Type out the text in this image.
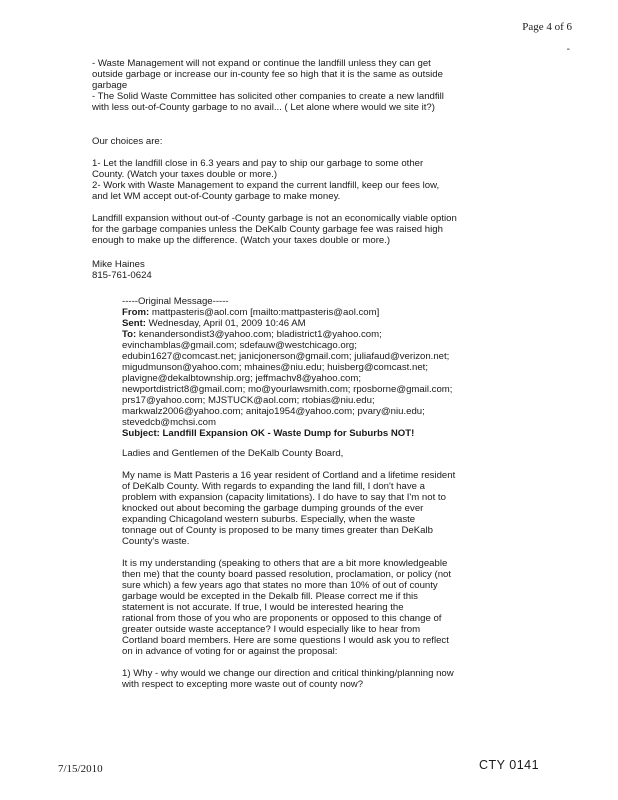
Page 4 of 6
-
- Waste Management will not expand or continue the landfill unless they can get
outside garbage or increase our in-county fee so high that it is the same as outside
garbage
- The Solid Waste Committee has solicited other companies to create a new landfill
with less out-of-County garbage to no avail... ( Let alone where would we site it?)
Our choices are:
1- Let the landfill close in 6.3 years and pay to ship our garbage to some other
County. (Watch your taxes double or more.)
2- Work with Waste Management to expand the current landfill, keep our fees low,
and let WM accept out-of-County garbage to make money.
Landfill expansion without out-of -County garbage is not an economically viable option
for the garbage companies unless the DeKalb County garbage fee was raised high
enough to make up the difference. (Watch your taxes double or more.)
Mike Haines
815-761-0624
-----Original Message-----
From: mattpasteris@aol.com [mailto:mattpasteris@aol.com]
Sent: Wednesday, April 01, 2009 10:46 AM
To: kenandersondist3@yahoo.com; bladistrict1@yahoo.com;
evinchamblas@gmail.com; sdefauw@westchicago.org;
edubin1627@comcast.net; janicjonerson@gmail.com; juliafaud@verizon.net;
migudmunson@yahoo.com; mhaines@niu.edu; huisberg@comcast.net;
plavigne@dekalbtownship.org; jeffmachv8@yahoo.com;
newportdistrict8@gmail.com; mo@yourlawsmith.com; rposborne@gmail.com;
prs17@yahoo.com; MJSTUCK@aol.com; rtobias@niu.edu;
markwalz2006@yahoo.com; anitajo1954@yahoo.com; pvary@niu.edu;
stevedcb@mchsi.com
Subject: Landfill Expansion OK - Waste Dump for Suburbs NOT!
Ladies and Gentlemen of the DeKalb County Board,
My name is Matt Pasteris a 16 year resident of Cortland and a lifetime resident
of DeKalb County. With regards to expanding the land fill, I don't have a
problem with expansion (capacity limitations). I do have to say that I'm not to
knocked out about becoming the garbage dumping grounds of the ever
expanding Chicagoland western suburbs. Especially, when the waste
tonnage out of County is proposed to be many times greater than DeKalb
County's waste.
It is my understanding (speaking to others that are a bit more knowledgeable
then me) that the county board passed resolution, proclamation, or policy (not
sure which) a few years ago that states no more than 10% of out of county
garbage would be excepted in the Dekalb fill. Please correct me if this
statement is not accurate. If true, I would be interested hearing the
rational from those of you who are proponents or opposed to this change of
greater outside waste acceptance? I would especially like to hear from
Cortland board members. Here are some questions I would ask you to reflect
on in advance of voting for or against the proposal:
1) Why - why would we change our direction and critical thinking/planning now
with respect to excepting more waste out of county now?
7/15/2010	CTY 0141
